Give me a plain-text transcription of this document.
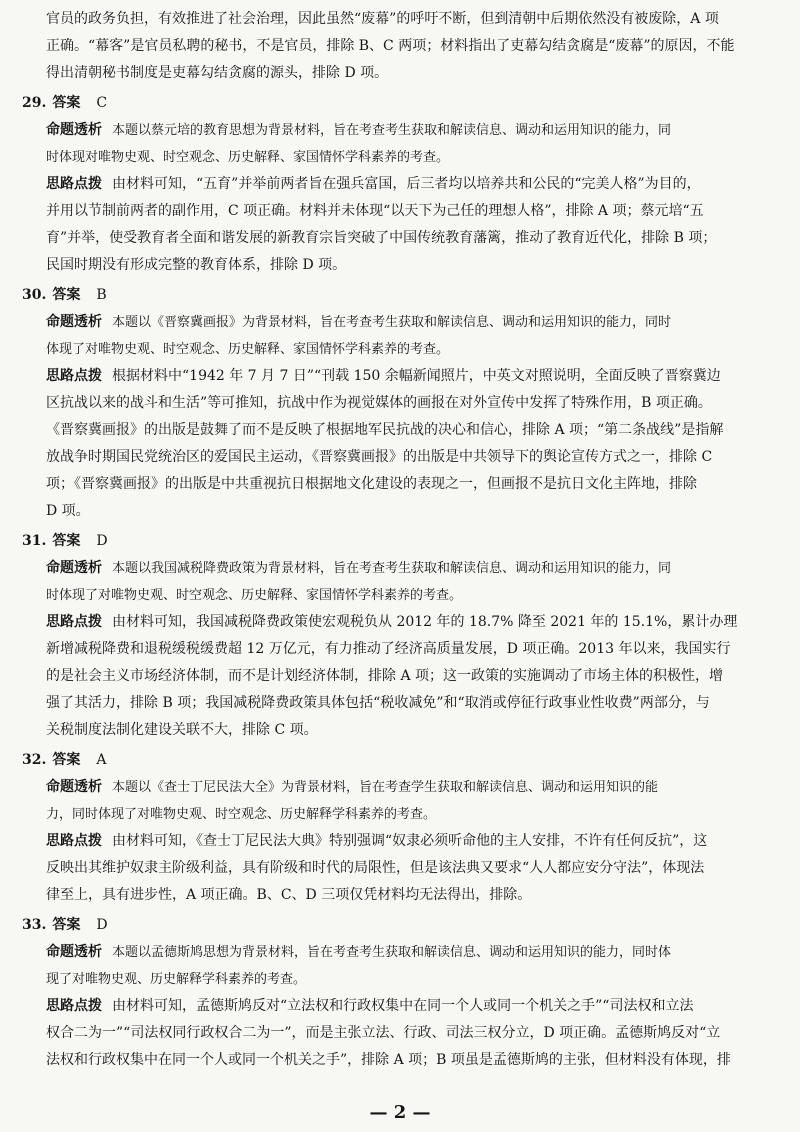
官员的政务负担，有效推进了社会治理，因此虽然“废幕”的呼吁不断，但到清朝中后期依然没有被废除，A 项
正确。“幕客”是官员私聘的秘书，不是官员，排除 B、C 两项；材料指出了吏幕勾结贪腐是“废幕”的原因，不能
得出清朝秘书制度是吏幕勾结贪腐的源头，排除 D 项。
29. 答案 C
命题透析 本题以蔡元培的教育思想为背景材料，旨在考查考生获取和解读信息、调动和运用知识的能力，同
时体现对唯物史观、时空观念、历史解释、家国情怀学科素养的考查。
思路点拨 由材料可知，“五育”并举前两者旨在强兵富国，后三者均以培养共和公民的“完美人格”为目的，
并用以节制前两者的副作用，C 项正确。材料并未体现“以天下为己任的理想人格”，排除 A 项；蔡元培“五
育”并举，使受教育者全面和谐发展的新教育宗旨突破了中国传统教育藩篱，推动了教育近代化，排除 B 项；
民国时期没有形成完整的教育体系，排除 D 项。
30. 答案 B
命题透析 本题以《晋察冀画报》为背景材料，旨在考查考生获取和解读信息、调动和运用知识的能力，同时
体现了对唯物史观、时空观念、历史解释、家国情怀学科素养的考查。
思路点拨 根据材料中“1942 年 7 月 7 日”“刊载 150 余幅新闻照片，中英文对照说明，全面反映了晋察冀边
区抗战以来的战斗和生活”等可推知，抗战中作为视觉媒体的画报在对外宣传中发挥了特殊作用，B 项正确。
《晋察冀画报》的出版是鼓舞了而不是反映了根据地军民抗战的决心和信心，排除 A 项；“第二条战线”是指解
放战争时期国民党统治区的爱国民主运动，《晋察冀画报》的出版是中共领导下的舆论宣传方式之一，排除 C
项；《晋察冀画报》的出版是中共重视抗日根据地文化建设的表现之一，但画报不是抗日文化主阵地，排除
D 项。
31. 答案 D
命题透析 本题以我国减税降费政策为背景材料，旨在考查考生获取和解读信息、调动和运用知识的能力，同
时体现了对唯物史观、时空观念、历史解释、家国情怀学科素养的考查。
思路点拨 由材料可知，我国减税降费政策使宏观税负从 2012 年的 18.7% 降至 2021 年的 15.1%，累计办理
新增减税降费和退税缓税缓费超 12 万亿元，有力推动了经济高质量发展，D 项正确。2013 年以来，我国实行
的是社会主义市场经济体制，而不是计划经济体制，排除 A 项；这一政策的实施调动了市场主体的积极性，增
强了其活力，排除 B 项；我国减税降费政策具体包括“税收减免”和“取消或停征行政事业性收费”两部分，与
关税制度法制化建设关联不大，排除 C 项。
32. 答案 A
命题透析 本题以《查士丁尼民法大全》为背景材料，旨在考查学生获取和解读信息、调动和运用知识的能
力，同时体现了对唯物史观、时空观念、历史解释学科素养的考查。
思路点拨 由材料可知，《查士丁尼民法大典》特别强调“奴隶必须听命他的主人安排，不许有任何反抗”，这
反映出其维护奴隶主阶级利益，具有阶级和时代的局限性，但是该法典又要求“人人都应安分守法”，体现法
律至上，具有进步性，A 项正确。B、C、D 三项仅凭材料均无法得出，排除。
33. 答案 D
命题透析 本题以孟德斯鸠思想为背景材料，旨在考查考生获取和解读信息、调动和运用知识的能力，同时体
现了对唯物史观、历史解释学科素养的考查。
思路点拨 由材料可知，孟德斯鸠反对“立法权和行政权集中在同一个人或同一个机关之手”“司法权和立法
权合二为一”“司法权同行政权合二为一”，而是主张立法、行政、司法三权分立，D 项正确。孟德斯鸠反对“立
法权和行政权集中在同一个人或同一个机关之手”，排除 A 项；B 项虽是孟德斯鸠的主张，但材料没有体现，排
— 2 —
